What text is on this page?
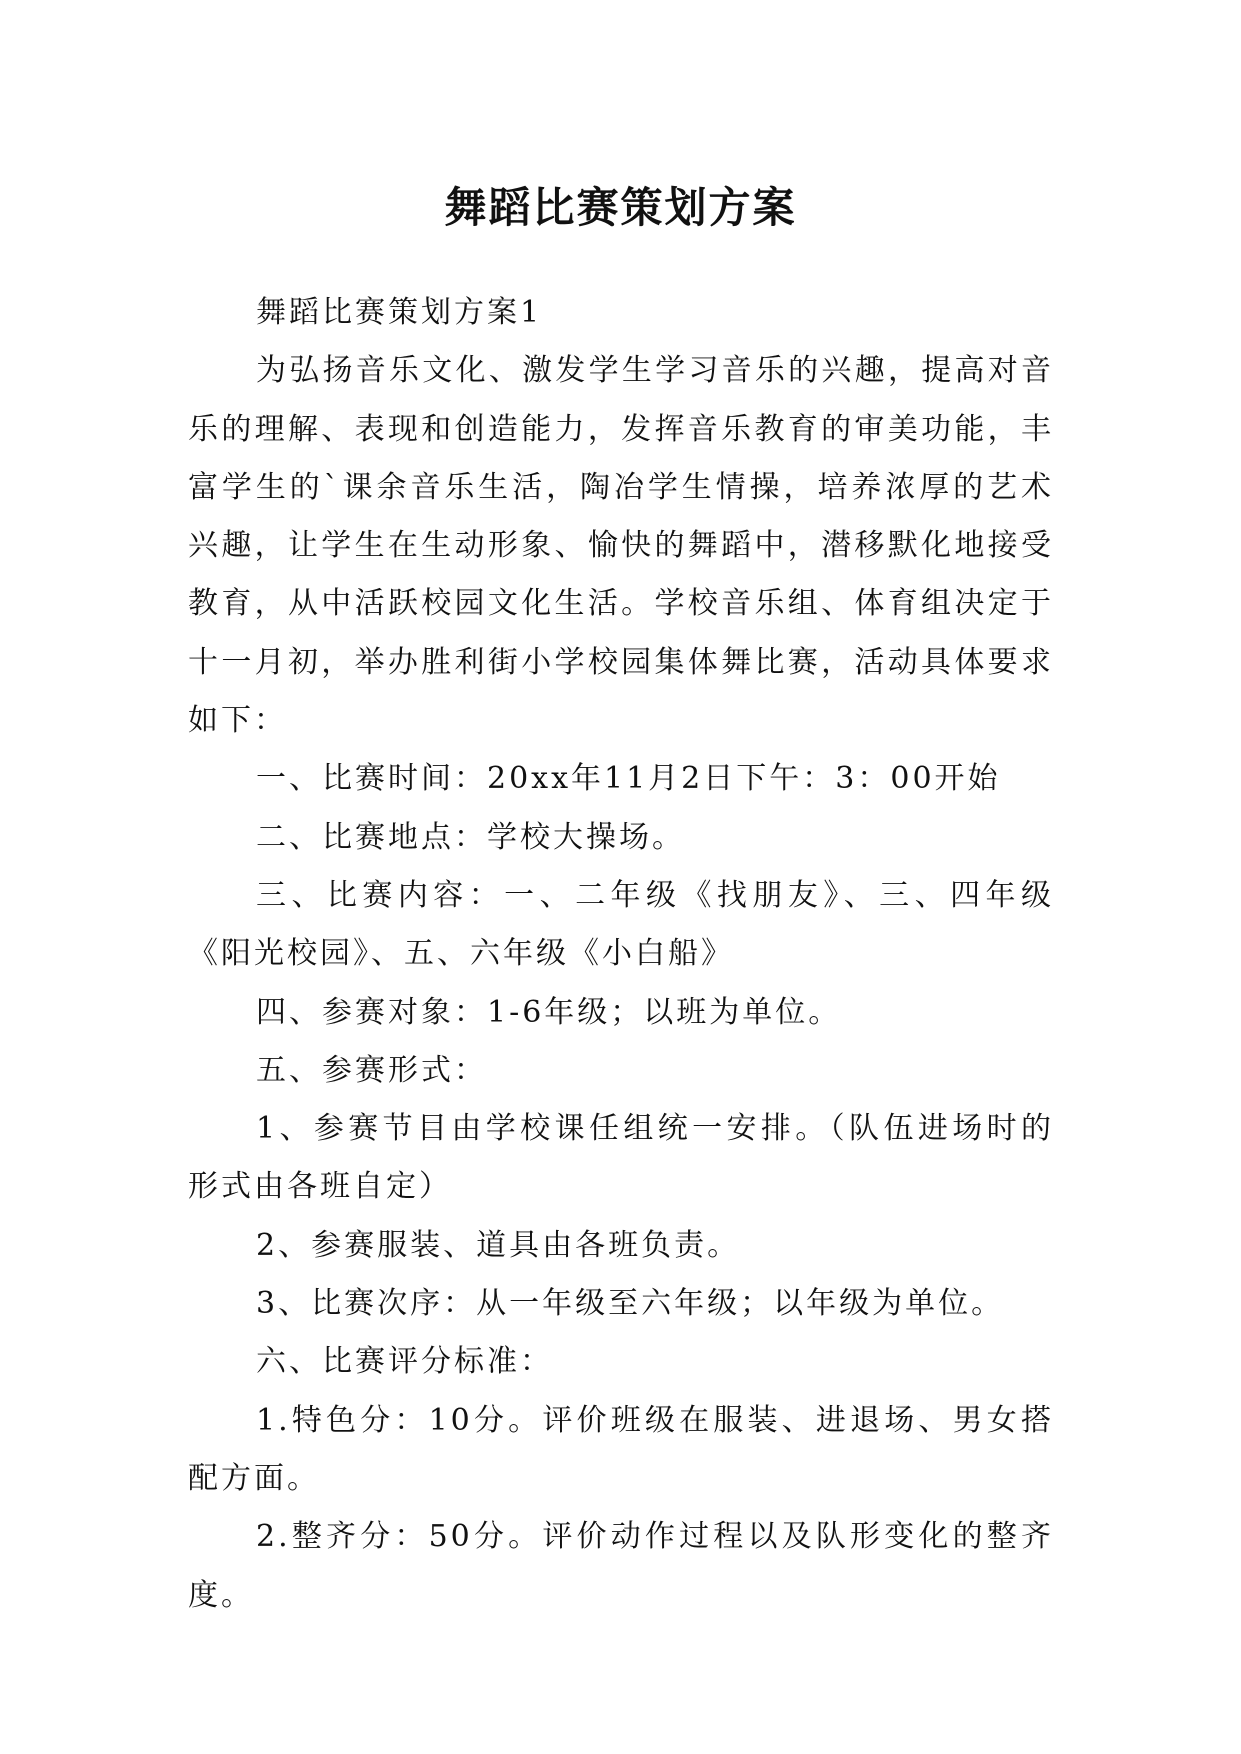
舞蹈比赛策划方案

舞蹈比赛策划方案1

为弘扬音乐文化、激发学生学习音乐的兴趣，提高对音乐的理解、表现和创造能力，发挥音乐教育的审美功能，丰富学生的`课余音乐生活，陶冶学生情操，培养浓厚的艺术兴趣，让学生在生动形象、愉快的舞蹈中，潜移默化地接受教育，从中活跃校园文化生活。学校音乐组、体育组决定于十一月初，举办胜利街小学校园集体舞比赛，活动具体要求如下：

一、比赛时间：20xx年11月2日下午：3：00开始

二、比赛地点：学校大操场。

三、比赛内容：一、二年级《找朋友》、三、四年级《阳光校园》、五、六年级《小白船》

四、参赛对象：1-6年级；以班为单位。

五、参赛形式：

1、参赛节目由学校课任组统一安排。（队伍进场时的形式由各班自定）

2、参赛服装、道具由各班负责。

3、比赛次序：从一年级至六年级；以年级为单位。

六、比赛评分标准：

1.特色分：10分。评价班级在服装、进退场、男女搭配方面。

2.整齐分：50分。评价动作过程以及队形变化的整齐度。
